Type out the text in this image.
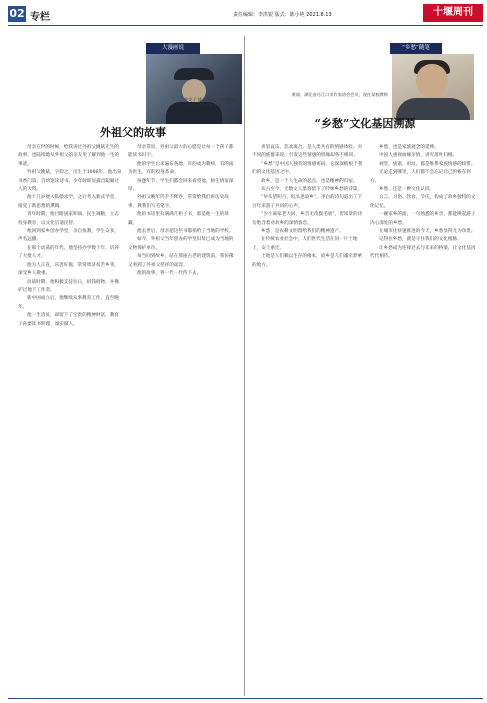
02 专栏	责任编辑：李洪银 版式：陈小艳 2021.8.13	十堰周刊
大漫画说
金亮子 姚立军伸、自信顾福人、爱好摄影和美食
外祖父的故事

母亲在世的时候，给我讲过外祖父姚斌先生的故事，也陆续地从外祖父的亲友里了解到他一生的事迹。

外祖父姚斌，字仰之，出生于1886年。他出身书香门第，自幼饱读诗书，少年时即显露出聪颖过人的天资。

他十几岁便入私塾求学，之后考入新式学堂，接受了新思想的熏陶。

青年时期，他目睹国家积弱、民生凋敝，立志投身教育，以文化启迪民智。

他回到家乡创办学堂，亲自执教，学生众多，声名远播。

在那个动荡的年代，他坚持办学数十年，培养了大批人才。

他为人正直，乐善好施，常常周济贫苦乡邻，深受乡人敬重。

抗战时期，他积极支持抗日，捐钱捐物，并掩护过地下工作者。

新中国成立后，他继续从事教育工作，直至晚年。

他一生清贫，却留下了宝贵的精神财富，教育子孙要读书明理、诚实做人。

母亲常说，外祖父最大的心愿是让每一个孩子都能读书识字。

他的学生后来遍布各地，有的成为教师，有的成为医生，有的投身革命。

每逢年节，学生们都会回来看望他，师生情谊深厚。

外祖父晚年仍手不释卷，常常给我们讲历史故事，教我们写毛笔字。

他的书房里有满满几柜子书，那是他一生的珍藏。

他去世后，母亲把这些书都捐给了当地的学校。

如今，外祖父当年创办的学堂旧址已成为当地的文物保护单位。

每当回到故乡，站在那座古老的建筑前，我仿佛又看到了外祖父慈祥的面容。

他的故事，将一代一代传下去。

“乡愁”随笔
黄斌，湖北省丹江口市作家协会会员，现任某校教师
“乡愁”文化基因溯源

喜怒哀乐，悲欢离合，是人类共有的情感体验。对不同的族群来说，引发这些情感的机缘却各不相同。

“乡愁”是中国人独有的情感密码，它深深植根于我们的文化基因之中。

故乡，是一个人生命的起点，也是精神的归宿。

从古至今，无数文人墨客留下了吟咏乡愁的诗篇。

“举头望明月，低头思故乡”，李白的诗句道出了千百年来游子共同的心声。

“少小离家老大回，乡音无改鬓毛衰”，贺知章的诗句饱含着对故乡的深情眷恋。

乡愁，是农耕文明留给我们的精神遗产。

在传统农业社会中，人们世代生活在同一片土地上，安土重迁。

土地是人们赖以生存的根本，故乡是人们魂牵梦萦的地方。

乡愁，也是家族观念的延伸。

中国人重视血缘亲情，讲究落叶归根。

祠堂、族谱、祖坟，都是维系家族情感的纽带。

无论走到哪里，人们都不会忘记自己的根在何方。

乡愁，还是一种文化认同。

方言、习俗、饮食、节庆，构成了故乡独特的文化记忆。

一碗家乡的面，一句熟悉的乡音，都能唤起游子内心深处的乡愁。

在城市化快速推进的今天，乡愁显得尤为珍贵。

记得住乡愁，就是守住我们的文化根脉。

让乡愁成为连接过去与未来的桥梁，让文化基因代代相传。
